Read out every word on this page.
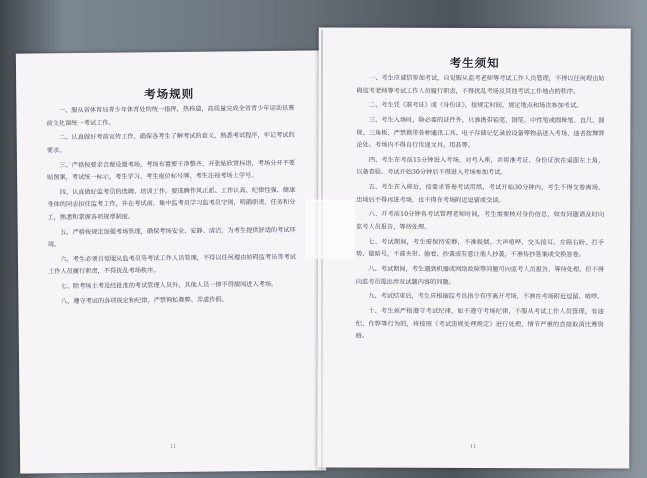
考场规则

一、服从省体育局青少年体育处的统一指挥，热称道，高质量完成全省青少年运动员赛前文化课统一考试工作。

二、认真做好考前宣传工作，确保各考生了解考试的意义，熟悉考试程序，牢记考试的要求。

三、严格按要求合理设置考场，考场布置要干净整齐，开张贴欣赏标语，考场分开不要贴图案，考试统一标示，考生学习、考生座位标号牌、考生注视考场上学号。

四、认真做好监考员的选聘、培训工作。要选聘作风正派、工作认真、纪律性强、健康身体的同志担任监考工作，并在考试前，集中监考员学习监考员守则，明确职责，任务和分工，熟悉和掌握各项规章制度。

五、严格按规定加强考场管理，确保考场安全、安静、清洁，为考生提供舒适的考试环境。

六、考生必须自觉服从监考员等考试工作人员管理，不得以任何理由妨碍监考员等考试工作人员履行职责，不得扰乱考场秩序。

七、除考场主考及经批准的考试管理人员外，其他人员一律不得擅闯进入考场。

八、遵守考试的各项规定和纪律，严禁徇私舞弊、弄虚作假。

11
考生须知

一、考生应诚信参加考试，自觉服从监考老师等考试工作人员管理，不得以任何理由妨碍监考老师等考试工作人员履行职责，不得扰乱考场及其他考试工作地点的秩序。

二、考生凭《准考证》或《身份证》，按规定时间、规定地点和场次参加考试。

三、考生入场时，除必要的证件外，只准携带铅笔、钢笔、中性笔或圆珠笔、直尺、圆规、三角板、严禁携带各种通讯工具、电子存储记忆录放设备等物品进入考场，违者按舞弊论处。考场内不得自行传递文具、用品等。

四、考生在考前15分钟进入考场，对号入座，并将准考证、身份证放在桌面左上角，以备查验。考试开始30分钟后不得进入考场参加考试。

五、考生在入座后，按要求答卷考试用纸，考试开始30分钟内，考生不得交卷离场，出场后不得再进考场，也不得在考场附近逗留或交谈。

六、开考前10分钟各考试管理老师时间，考生需要核对身份信息，如有问题请及时向监考人员报告，等待处理。

七、考试期间，考生需保持安静，不准吸烟、大声喧哗、交头接耳、左顾右盼、打手势、做暗号，不准夹带、偷看、抄袭或有意让他人抄袭，不准传抄答案或交换答卷。

八、考试期间，考生遇到机器或网络故障等问题可向监考人员报告，等待处理。但不得向监考员提出涉及试题内容的问题。

九、考试结束后，考生应根据监考员指令有序离开考场，不准在考场附近逗留、喧哗。

十、考生须严格遵守考试纪律，如不遵守考场纪律，不服从考试工作人员管理，有违纪、作弊等行为的，将按照《考试违规处理规定》进行处理，情节严重的直接取消比赛资格。

11
